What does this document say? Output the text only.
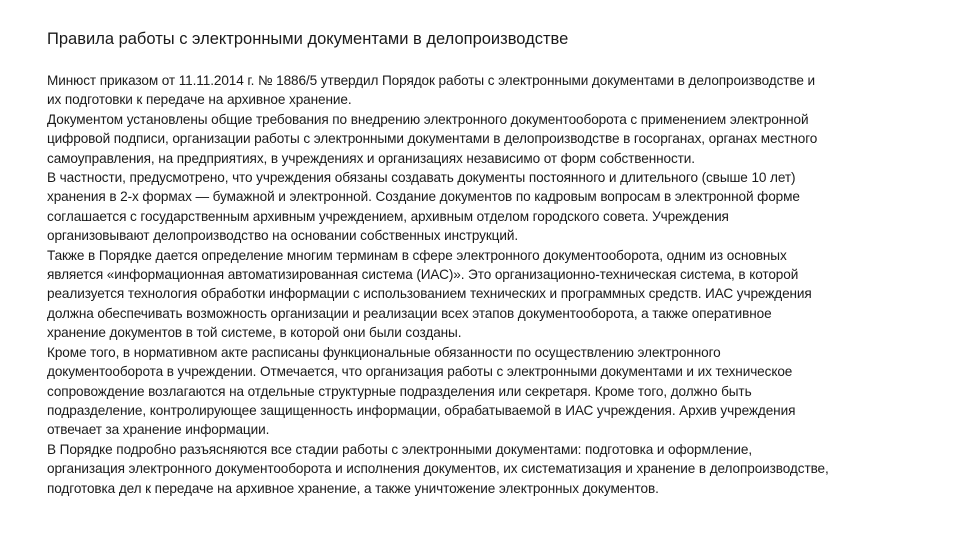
Правила работы с электронными документами в делопроизводстве
Минюст приказом от 11.11.2014 г. № 1886/5 утвердил Порядок работы с электронными документами в делопроизводстве и
их подготовки к передаче на архивное хранение.
Документом установлены общие требования по внедрению электронного документооборота с применением электронной
цифровой подписи, организации работы с электронными документами в делопроизводстве в госорганах, органах местного
самоуправления, на предприятиях, в учреждениях и организациях независимо от форм собственности.
В частности, предусмотрено, что учреждения обязаны создавать документы постоянного и длительного (свыше 10 лет)
хранения в 2-х формах — бумажной и электронной. Создание документов по кадровым вопросам в электронной форме
соглашается с государственным архивным учреждением, архивным отделом городского совета. Учреждения
организовывают делопроизводство на основании собственных инструкций.
Также в Порядке дается определение многим терминам в сфере электронного документооборота, одним из основных
является «информационная автоматизированная система (ИАС)». Это организационно-техническая система, в которой
реализуется технология обработки информации с использованием технических и программных средств. ИАС учреждения
должна обеспечивать возможность организации и реализации всех этапов документооборота, а также оперативное
хранение документов в той системе, в которой они были созданы.
Кроме того, в нормативном акте расписаны функциональные обязанности по осуществлению электронного
документооборота в учреждении. Отмечается, что организация работы с электронными документами и их техническое
сопровождение возлагаются на отдельные структурные подразделения или секретаря. Кроме того, должно быть
подразделение, контролирующее защищенность информации, обрабатываемой в ИАС учреждения. Архив учреждения
отвечает за хранение информации.
В Порядке подробно разъясняются все стадии работы с электронными документами: подготовка и оформление,
организация электронного документооборота и исполнения документов, их систематизация и хранение в делопроизводстве,
подготовка дел к передаче на архивное хранение, а также уничтожение электронных документов.
